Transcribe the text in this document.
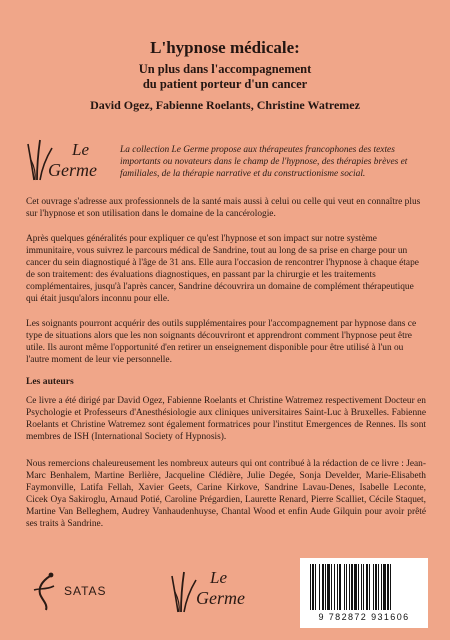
L'hypnose médicale:
Un plus dans l'accompagnement
du patient porteur d'un cancer
David Ogez, Fabienne Roelants, Christine Watremez
Le
Germe
La collection Le Germe propose aux thérapeutes francophones des textes importants ou novateurs dans le champ de l'hypnose, des thérapies brèves et familiales, de la thérapie narrative et du constructionisme social.
Cet ouvrage s'adresse aux professionnels de la santé mais aussi à celui ou celle qui veut en connaître plus sur l'hypnose et son utilisation dans le domaine de la cancérologie.
Après quelques généralités pour expliquer ce qu'est l'hypnose et son impact sur notre système immunitaire, vous suivrez le parcours médical de Sandrine, tout au long de sa prise en charge pour un cancer du sein diagnostiqué à l'âge de 31 ans. Elle aura l'occasion de rencontrer l'hypnose à chaque étape de son traitement: des évaluations diagnostiques, en passant par la chirurgie et les traitements complémentaires, jusqu'à l'après cancer, Sandrine découvrira un domaine de complément thérapeutique qui était jusqu'alors inconnu pour elle.
Les soignants pourront acquérir des outils supplémentaires pour l'accompagnement par hypnose dans ce type de situations alors que les non soignants découvriront et apprendront comment l'hypnose peut être utile. Ils auront même l'opportunité d'en retirer un enseignement disponible pour être utilisé à l'un ou l'autre moment de leur vie personnelle.
Les auteurs
Ce livre a été dirigé par David Ogez, Fabienne Roelants et Christine Watremez respectivement Docteur en Psychologie et Professeurs d'Anesthésiologie aux cliniques universitaires Saint-Luc à Bruxelles. Fabienne Roelants et Christine Watremez sont également formatrices pour l'institut Emergences de Rennes. Ils sont membres de ISH (International Society of Hypnosis).
Nous remercions chaleureusement les nombreux auteurs qui ont contribué à la rédaction de ce livre : Jean-Marc Benhalem, Martine Berlière, Jacqueline Clédière, Julie Degée, Sonja Develder, Marie-Elisabeth Faymonville, Latifa Fellah, Xavier Geets, Carine Kirkove, Sandrine Lavau-Denes, Isabelle Leconte, Cicek Oya Sakiroglu, Arnaud Potié, Caroline Prégardien, Laurette Renard, Pierre Scalliet, Cécile Staquet, Martine Van Belleghem, Audrey Vanhaudenhuyse, Chantal Wood et enfin Aude Gilquin pour avoir prêté ses traits à Sandrine.
SATAS
Le
Germe
9 782872 931606
